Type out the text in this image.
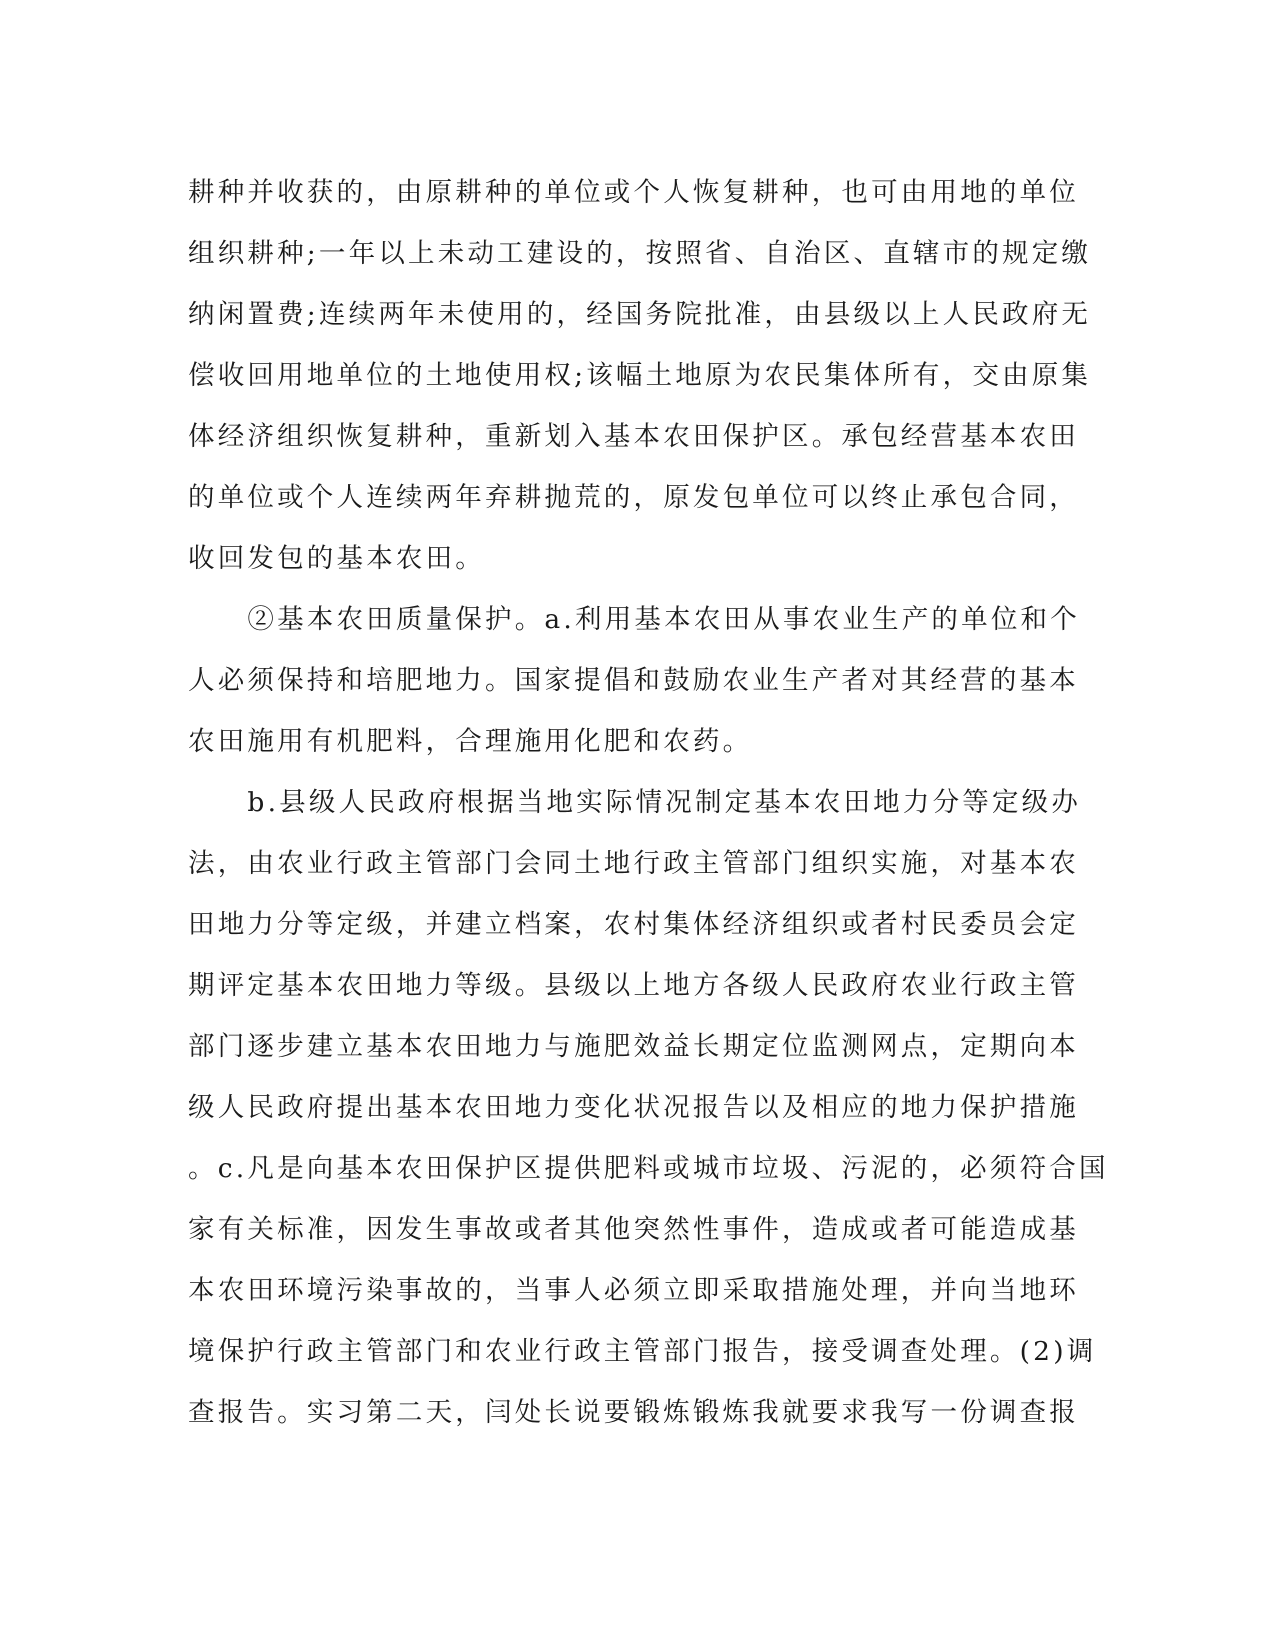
耕种并收获的，由原耕种的单位或个人恢复耕种，也可由用地的单位
组织耕种;一年以上未动工建设的，按照省、自治区、直辖市的规定缴
纳闲置费;连续两年未使用的，经国务院批准，由县级以上人民政府无
偿收回用地单位的土地使用权;该幅土地原为农民集体所有，交由原集
体经济组织恢复耕种，重新划入基本农田保护区。承包经营基本农田
的单位或个人连续两年弃耕抛荒的，原发包单位可以终止承包合同，
收回发包的基本农田。
　　②基本农田质量保护。a.利用基本农田从事农业生产的单位和个
人必须保持和培肥地力。国家提倡和鼓励农业生产者对其经营的基本
农田施用有机肥料，合理施用化肥和农药。
　　b.县级人民政府根据当地实际情况制定基本农田地力分等定级办
法，由农业行政主管部门会同土地行政主管部门组织实施，对基本农
田地力分等定级，并建立档案，农村集体经济组织或者村民委员会定
期评定基本农田地力等级。县级以上地方各级人民政府农业行政主管
部门逐步建立基本农田地力与施肥效益长期定位监测网点，定期向本
级人民政府提出基本农田地力变化状况报告以及相应的地力保护措施
。c.凡是向基本农田保护区提供肥料或城市垃圾、污泥的，必须符合国
家有关标准，因发生事故或者其他突然性事件，造成或者可能造成基
本农田环境污染事故的，当事人必须立即采取措施处理，并向当地环
境保护行政主管部门和农业行政主管部门报告，接受调查处理。(2)调
查报告。实习第二天，闫处长说要锻炼锻炼我就要求我写一份调查报
